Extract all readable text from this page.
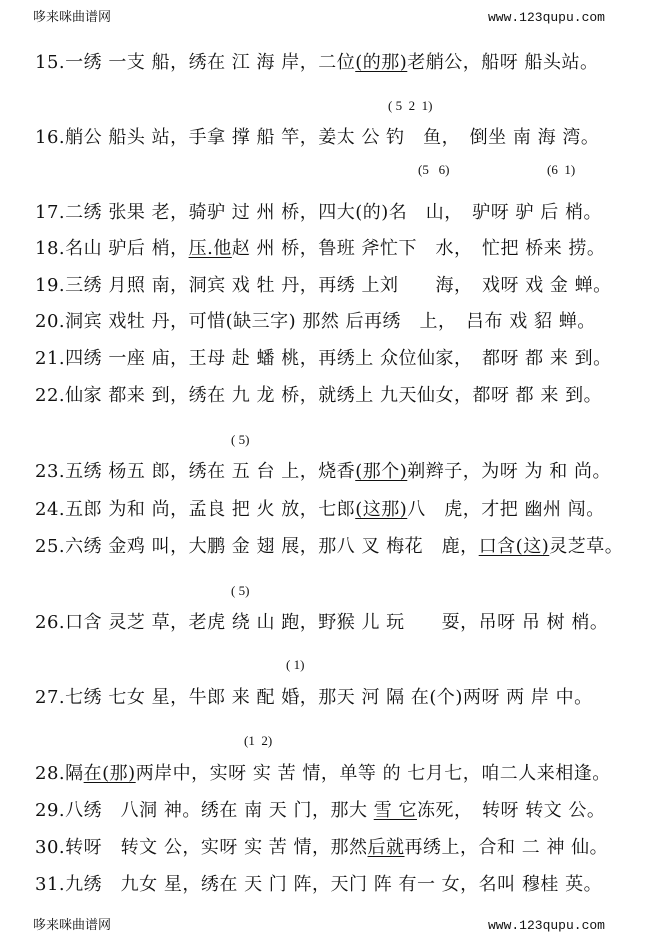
哆来咪曲谱网	www.123qupu.com
15.一绣 一支 船，绣在 江 海 岸，二位(的那)老艄公，船呀 船头站。
( 5  2  1)
16.艄公 船头 站，手拿 撑 船 竿，姜太 公 钓　鱼，　倒坐 南 海 湾。
(5   6)	(6  1)
17.二绣 张果 老，骑驴 过 州 桥，四大(的)名　山，　驴呀 驴 后 梢。
18.名山 驴后 梢，压.他赵 州 桥，鲁班 斧忙下　水，　忙把 桥来 捞。
19.三绣 月照 南，洞宾 戏 牡 丹，再绣 上刘　　海，　戏呀 戏 金 蝉。
20.洞宾 戏牡 丹，可惜(缺三字) 那然 后再绣　上，　吕布 戏 貂 蝉。
21.四绣 一座 庙，王母 赴 蟠 桃，再绣上 众位仙家，　都呀 都 来 到。
22.仙家 都来 到，绣在 九 龙 桥，就绣上 九天仙女，都呀 都 来 到。
( 5)
23.五绣 杨五 郎，绣在 五 台 上，烧香(那个)剃辫子，为呀 为 和 尚。
24.五郎 为和 尚，孟良 把 火 放，七郎(这那)八　虎，才把 幽州 闯。
25.六绣 金鸡 叫，大鹏 金 翅 展，那八 叉 梅花　鹿，口含(这)灵芝草。
( 5)
26.口含 灵芝 草，老虎 绕 山 跑，野猴 儿 玩　　耍，吊呀 吊 树 梢。
( 1)
27.七绣 七女 星，牛郎 来 配 婚，那天 河 隔 在(个)两呀 两 岸 中。
(1  2)
28.隔在(那)两岸中，实呀 实 苦 情，单等 的 七月七，咱二人来相逢。
29.八绣　八洞 神。绣在 南 天 门，那大 雪 它冻死，　转呀 转文 公。
30.转呀　转文 公，实呀 实 苦 情，那然后就再绣上，合和 二 神 仙。
31.九绣　九女 星，绣在 天 门 阵，天门 阵 有一 女，名叫 穆桂 英。
哆来咪曲谱网	www.123qupu.com
